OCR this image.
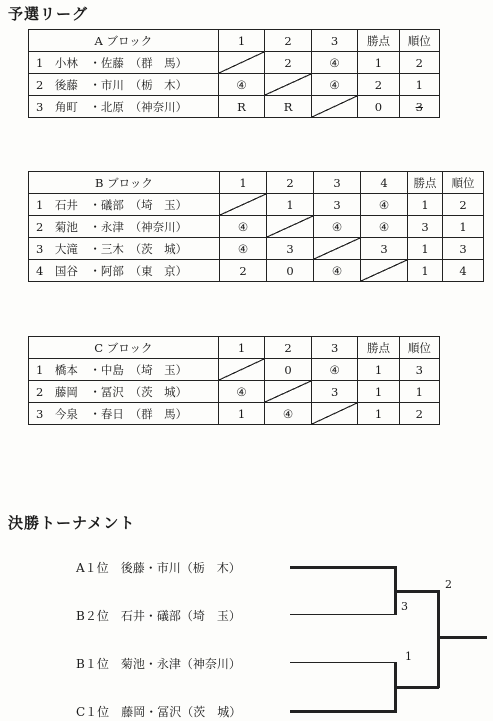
予選リーグ
A ブロック	1	2	3	勝点	順位
1　 小林　・佐藤　（群　馬）		2	④	1	2
2　 後藤　・市川　（栃　木）	④		④	2	1
3　 角町　・北原　（神奈川）	R	R		0	3
B ブロック	1	2	3	4	勝点	順位
1　 石井　・礒部　（埼　玉）		1	3	④	1	2
2　 菊池　・永津　（神奈川）	④		④	④	3	1
3　 大滝　・三木　（茨　城）	④	3		3	1	3
4　 国谷　・阿部　（東　京）	2	0	④		1	4
C ブロック	1	2	3	勝点	順位
1　 橋本　・中島　（埼　玉）		0	④	1	3
2　 藤岡　・冨沢　（茨　城）	④		3	1	1
3　 今泉　・春日　（群　馬）	1	④		1	2
決勝トーナメント
A１位　 後藤・市川（栃　木）
B２位　 石井・礒部（埼　玉）
B１位　 菊池・永津（神奈川）
C１位　 藤岡・冨沢（茨　城）
3
2
1
